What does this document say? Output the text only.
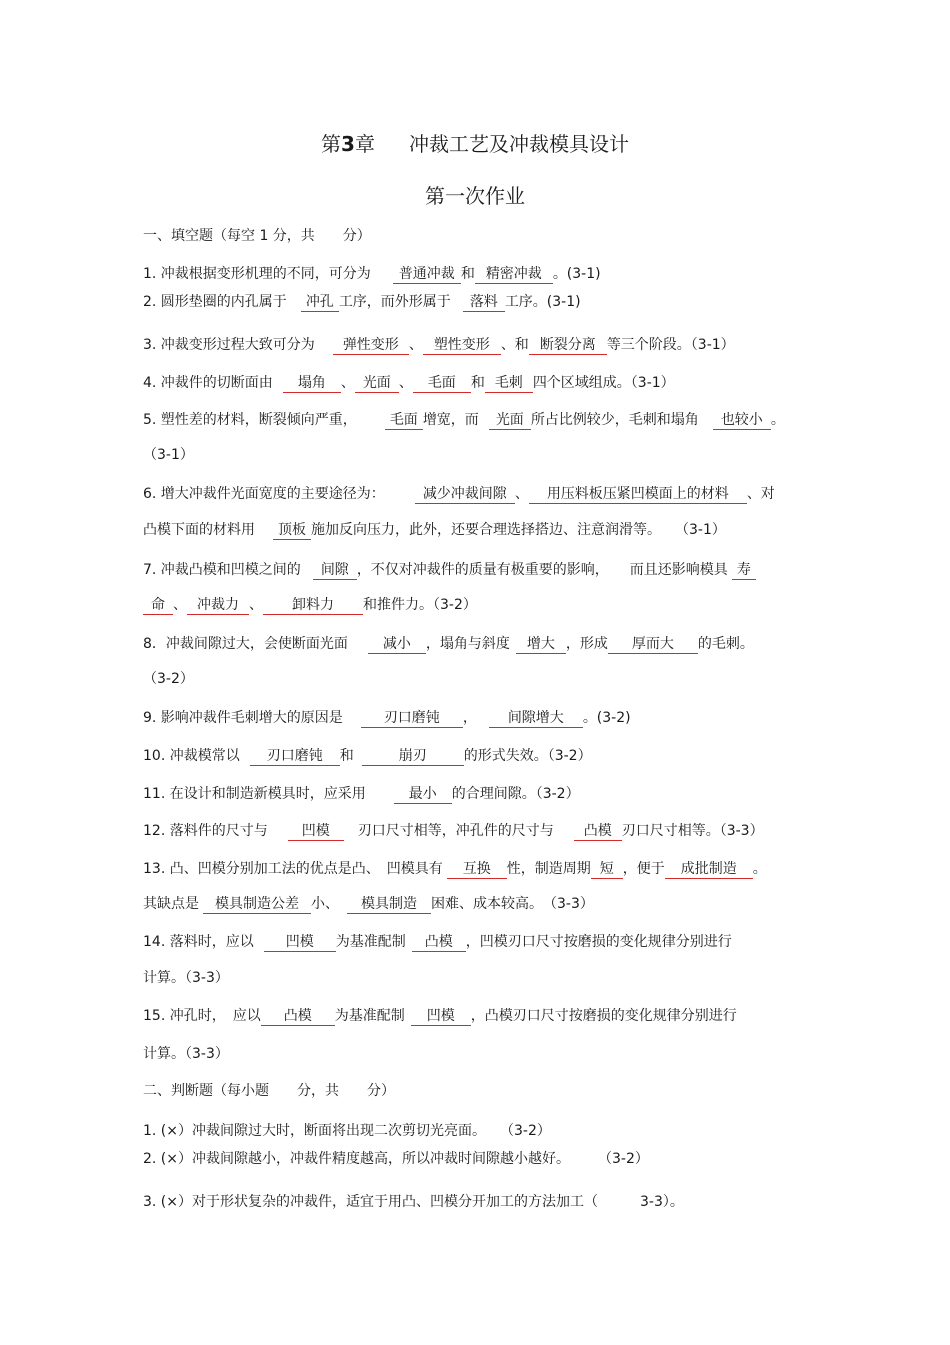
第3章 冲裁工艺及冲裁模具设计
第一次作业
一、填空题（每空 1 分，共　　分）
1. 冲裁根据变形机理的不同，可分为 普通冲裁 和 精密冲裁 。(3-1)
2. 圆形垫圈的内孔属于 冲孔 工序，而外形属于 落料 工序。(3-1)
3. 冲裁变形过程大致可分为 弹性变形 、 塑性变形 、和 断裂分离 等三个阶段。（3-1）
4. 冲裁件的切断面由 塌角 、 光面 、 毛面 和 毛刺 四个区域组成。（3-1）
5. 塑性差的材料，断裂倾向严重， 毛面 增宽，而 光面 所占比例较少，毛刺和塌角 也较小 。
（3-1）
6. 增大冲裁件光面宽度的主要途径为：	减少冲裁间隙 、 用压料板压紧凹模面上的材料 、对
凸模下面的材料用 顶板 施加反向压力，此外，还要合理选择搭边、注意润滑等。　　（3-1）
7. 冲裁凸模和凹模之间的 间隙 ，不仅对冲裁件的质量有极重要的影响，　　而且还影响模具 寿
命 、 冲裁力 、 卸料力 和推件力。（3-2）
8．冲裁间隙过大，会使断面光面	减小 ，塌角与斜度 增大 ，形成 厚而大 的毛刺。
（3-2）
9. 影响冲裁件毛刺增大的原因是	刃口磨钝 ， 间隙增大 。(3-2)
10. 冲裁模常以 刃口磨钝 和	崩刃	的形式失效。（3-2）
11. 在设计和制造新模具时，应采用	最小 的合理间隙。（3-2）
12. 落料件的尺寸与 凹模 刃口尺寸相等，冲孔件的尺寸与 凸模 刃口尺寸相等。（3-3）
13. 凸、凹模分别加工法的优点是凸、　凹模具有 互换 性，制造周期 短 ，便于 成批制造 。
其缺点是 模具制造公差 小、 模具制造 困难、成本较高。　（3-3）
14. 落料时，应以 凹模 为基准配制 凸模 ，凹模刃口尺寸按磨损的变化规律分别进行
计算。（3-3）
15. 冲孔时，　应以 凸模 为基准配制 凹模 ，凸模刃口尺寸按磨损的变化规律分别进行
计算。（3-3）
二、判断题（每小题　　分，共　　分）
1. (×）冲裁间隙过大时，断面将出现二次剪切光亮面。　　（3-2）
2. (×）冲裁间隙越小，冲裁件精度越高，所以冲裁时间隙越小越好。　　　（3-2）
3. (×）对于形状复杂的冲裁件，适宜于用凸、凹模分开加工的方法加工（　　　3-3）。
